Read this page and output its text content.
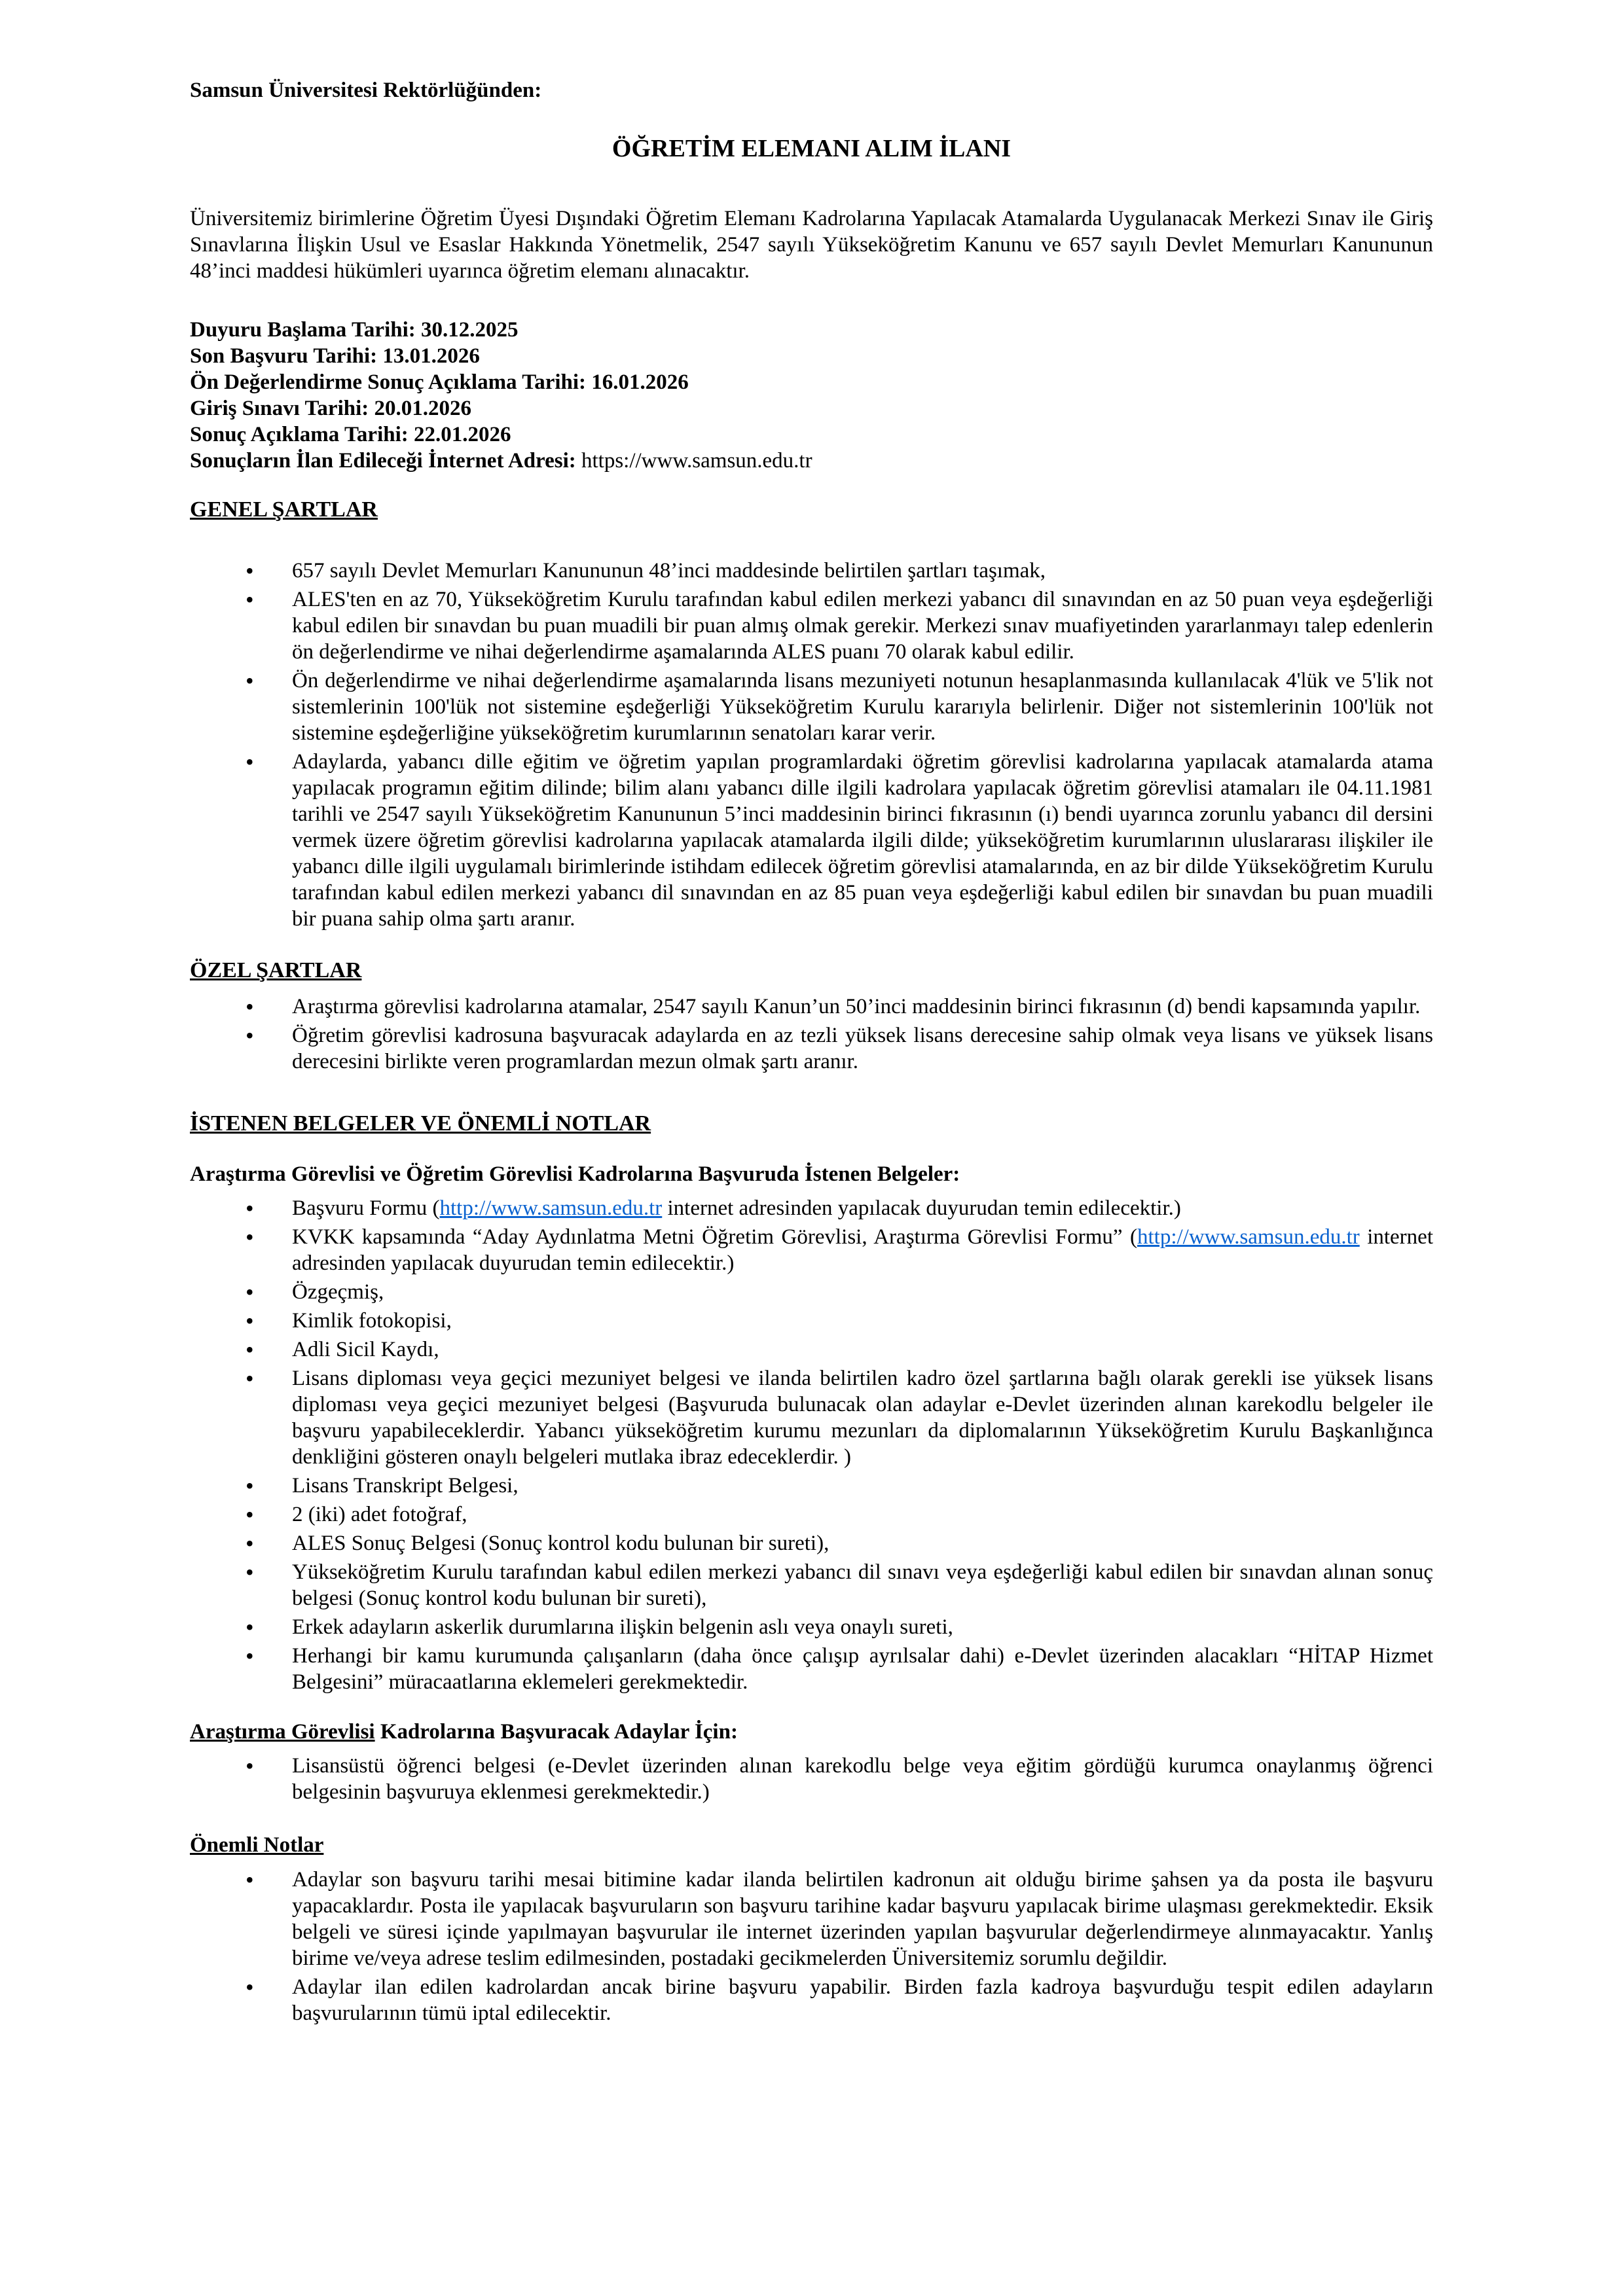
Samsun Üniversitesi Rektörlüğünden:

ÖĞRETİM ELEMANI ALIM İLANI

Üniversitemiz birimlerine Öğretim Üyesi Dışındaki Öğretim Elemanı Kadrolarına Yapılacak Atamalarda Uygulanacak Merkezi Sınav ile Giriş Sınavlarına İlişkin Usul ve Esaslar Hakkında Yönetmelik, 2547 sayılı Yükseköğretim Kanunu ve 657 sayılı Devlet Memurları Kanununun 48’inci maddesi hükümleri uyarınca öğretim elemanı alınacaktır.

Duyuru Başlama Tarihi: 30.12.2025

Son Başvuru Tarihi: 13.01.2026

Ön Değerlendirme Sonuç Açıklama Tarihi: 16.01.2026

Giriş Sınavı Tarihi: 20.01.2026

Sonuç Açıklama Tarihi: 22.01.2026

Sonuçların İlan Edileceği İnternet Adresi: https://www.samsun.edu.tr

GENEL ŞARTLAR
• 657 sayılı Devlet Memurları Kanununun 48’inci maddesinde belirtilen şartları taşımak,
• ALES'ten en az 70, Yükseköğretim Kurulu tarafından kabul edilen merkezi yabancı dil sınavından en az 50 puan veya eşdeğerliği kabul edilen bir sınavdan bu puan muadili bir puan almış olmak gerekir. Merkezi sınav muafiyetinden yararlanmayı talep edenlerin ön değerlendirme ve nihai değerlendirme aşamalarında ALES puanı 70 olarak kabul edilir.
• Ön değerlendirme ve nihai değerlendirme aşamalarında lisans mezuniyeti notunun hesaplanmasında kullanılacak 4'lük ve 5'lik not sistemlerinin 100'lük not sistemine eşdeğerliği Yükseköğretim Kurulu kararıyla belirlenir. Diğer not sistemlerinin 100'lük not sistemine eşdeğerliğine yükseköğretim kurumlarının senatoları karar verir.
• Adaylarda, yabancı dille eğitim ve öğretim yapılan programlardaki öğretim görevlisi kadrolarına yapılacak atamalarda atama yapılacak programın eğitim dilinde; bilim alanı yabancı dille ilgili kadrolara yapılacak öğretim görevlisi atamaları ile 04.11.1981 tarihli ve 2547 sayılı Yükseköğretim Kanununun 5’inci maddesinin birinci fıkrasının (ı) bendi uyarınca zorunlu yabancı dil dersini vermek üzere öğretim görevlisi kadrolarına yapılacak atamalarda ilgili dilde; yükseköğretim kurumlarının uluslararası ilişkiler ile yabancı dille ilgili uygulamalı birimlerinde istihdam edilecek öğretim görevlisi atamalarında, en az bir dilde Yükseköğretim Kurulu tarafından kabul edilen merkezi yabancı dil sınavından en az 85 puan veya eşdeğerliği kabul edilen bir sınavdan bu puan muadili bir puana sahip olma şartı aranır.
ÖZEL ŞARTLAR
• Araştırma görevlisi kadrolarına atamalar, 2547 sayılı Kanun’un 50’inci maddesinin birinci fıkrasının (d) bendi kapsamında yapılır.
• Öğretim görevlisi kadrosuna başvuracak adaylarda en az tezli yüksek lisans derecesine sahip olmak veya lisans ve yüksek lisans derecesini birlikte veren programlardan mezun olmak şartı aranır.
İSTENEN BELGELER VE ÖNEMLİ NOTLAR

Araştırma Görevlisi ve Öğretim Görevlisi Kadrolarına Başvuruda İstenen Belgeler:

• Başvuru Formu (http://www.samsun.edu.tr internet adresinden yapılacak duyurudan temin edilecektir.)
• KVKK kapsamında “Aday Aydınlatma Metni Öğretim Görevlisi, Araştırma Görevlisi Formu” (http://www.samsun.edu.tr internet adresinden yapılacak duyurudan temin edilecektir.)
• Özgeçmiş,
• Kimlik fotokopisi,
• Adli Sicil Kaydı,
• Lisans diploması veya geçici mezuniyet belgesi ve ilanda belirtilen kadro özel şartlarına bağlı olarak gerekli ise yüksek lisans diploması veya geçici mezuniyet belgesi (Başvuruda bulunacak olan adaylar e-Devlet üzerinden alınan karekodlu belgeler ile başvuru yapabileceklerdir. Yabancı yükseköğretim kurumu mezunları da diplomalarının Yükseköğretim Kurulu Başkanlığınca denkliğini gösteren onaylı belgeleri mutlaka ibraz edeceklerdir. )
• Lisans Transkript Belgesi,
• 2 (iki) adet fotoğraf,
• ALES Sonuç Belgesi (Sonuç kontrol kodu bulunan bir sureti),
• Yükseköğretim Kurulu tarafından kabul edilen merkezi yabancı dil sınavı veya eşdeğerliği kabul edilen bir sınavdan alınan sonuç belgesi (Sonuç kontrol kodu bulunan bir sureti),
• Erkek adayların askerlik durumlarına ilişkin belgenin aslı veya onaylı sureti,
• Herhangi bir kamu kurumunda çalışanların (daha önce çalışıp ayrılsalar dahi) e-Devlet üzerinden alacakları “HİTAP Hizmet Belgesini” müracaatlarına eklemeleri gerekmektedir.

Araştırma Görevlisi Kadrolarına Başvuracak Adaylar İçin:

• Lisansüstü öğrenci belgesi (e-Devlet üzerinden alınan karekodlu belge veya eğitim gördüğü kurumca onaylanmış öğrenci belgesinin başvuruya eklenmesi gerekmektedir.)
Önemli Notlar
• Adaylar son başvuru tarihi mesai bitimine kadar ilanda belirtilen kadronun ait olduğu birime şahsen ya da posta ile başvuru yapacaklardır. Posta ile yapılacak başvuruların son başvuru tarihine kadar başvuru yapılacak birime ulaşması gerekmektedir. Eksik belgeli ve süresi içinde yapılmayan başvurular ile internet üzerinden yapılan başvurular değerlendirmeye alınmayacaktır. Yanlış birime ve/veya adrese teslim edilmesinden, postadaki gecikmelerden Üniversitemiz sorumlu değildir.
• Adaylar ilan edilen kadrolardan ancak birine başvuru yapabilir. Birden fazla kadroya başvurduğu tespit edilen adayların başvurularının tümü iptal edilecektir.
